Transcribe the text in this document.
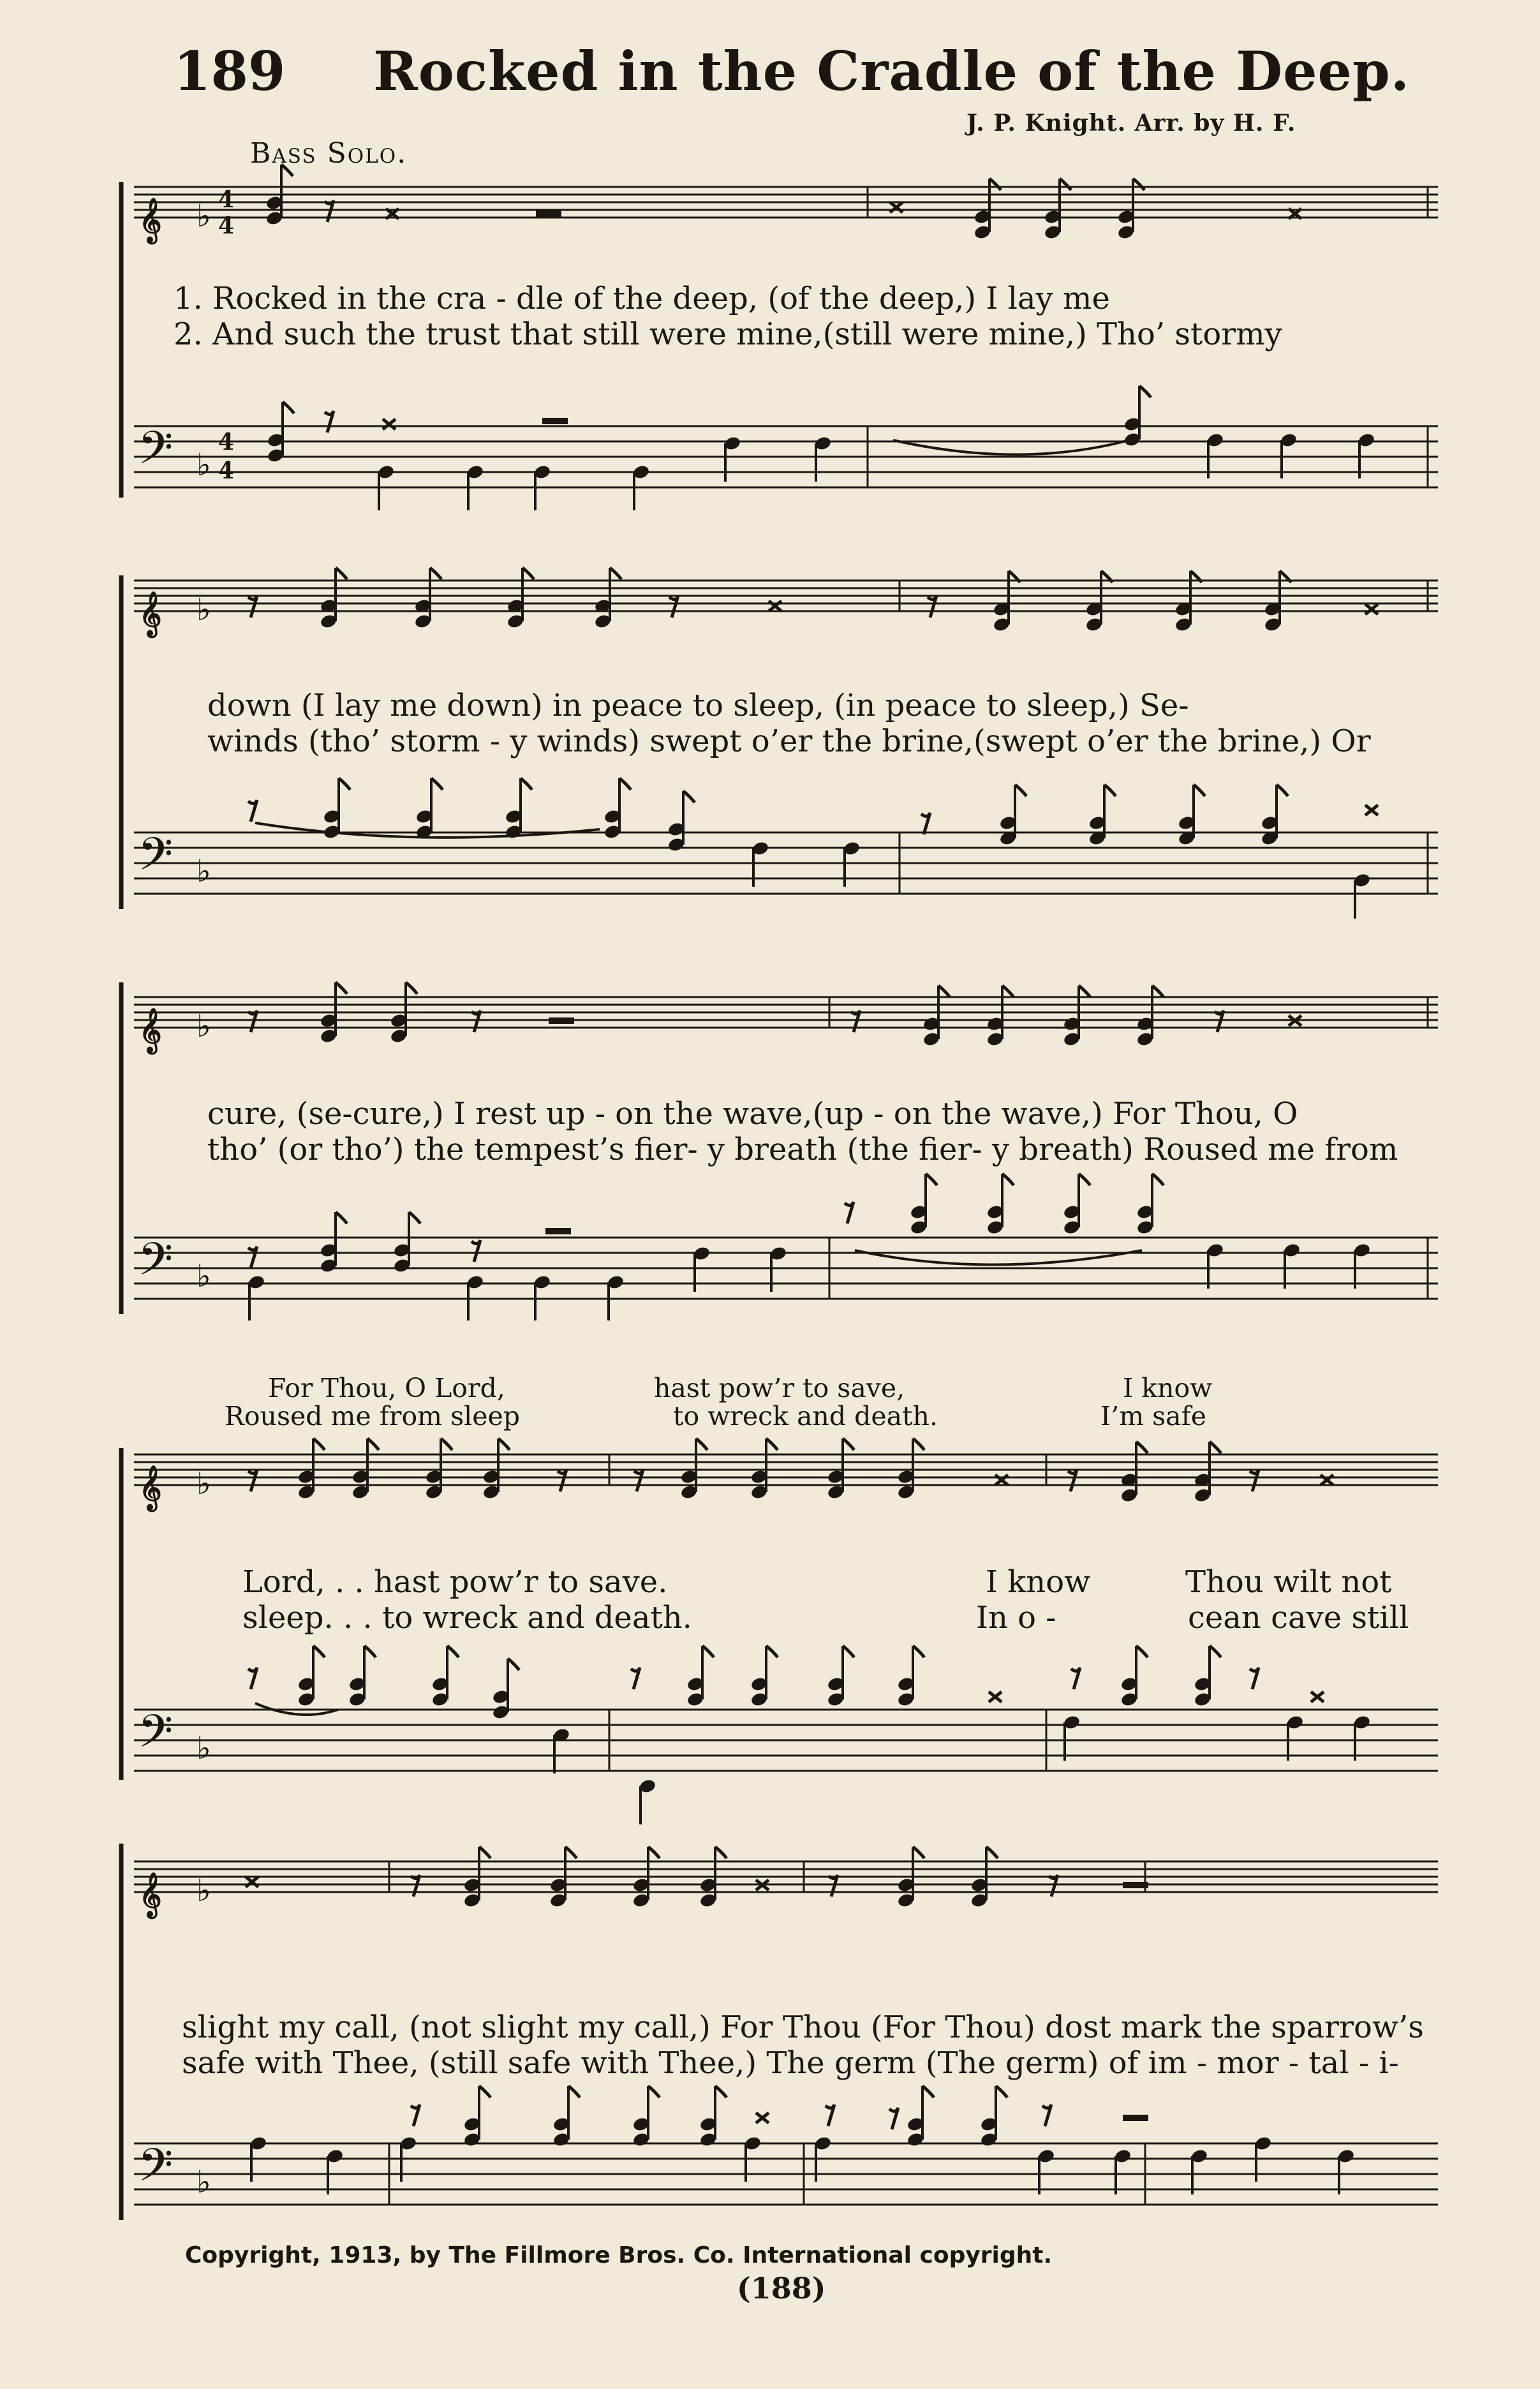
189 Rocked in the Cradle of the Deep.
J. P. Knight. Arr. by H. F.
Bass Solo.
𝄞 ♭ 4
4
𝄢 ♭
4
4
𝄞 ♭
𝄢 ♭
𝄞 ♭
𝄢 ♭
𝄞 ♭
𝄢 ♭
𝄞 ♭
𝄢 ♭
1. Rocked in the cra - dle of the deep, (of the deep,) I lay me
2. And such the trust that still were mine,(still were mine,) Tho’ stormy
down (I lay me down) in peace to sleep, (in peace to sleep,) Se-
winds (tho’ storm - y winds) swept o’er the brine,(swept o’er the brine,) Or
cure, (se-cure,) I rest up - on the wave,(up - on the wave,) For Thou, O
tho’ (or tho’) the tempest’s fier- y breath (the fier- y breath) Roused me from
For Thou, O Lord,
Roused me from sleep
hast pow’r to save,
to wreck and death.
I know
I’m safe
Lord, . . hast pow’r to save.
sleep. . . to wreck and death.
I know
In o -
Thou wilt not
cean cave still
slight my call, (not slight my call,) For Thou (For Thou) dost mark the sparrow’s
safe with Thee, (still safe with Thee,) The germ (The germ) of im - mor - tal - i-
Copyright, 1913, by The Fillmore Bros. Co. International copyright.
(188)
